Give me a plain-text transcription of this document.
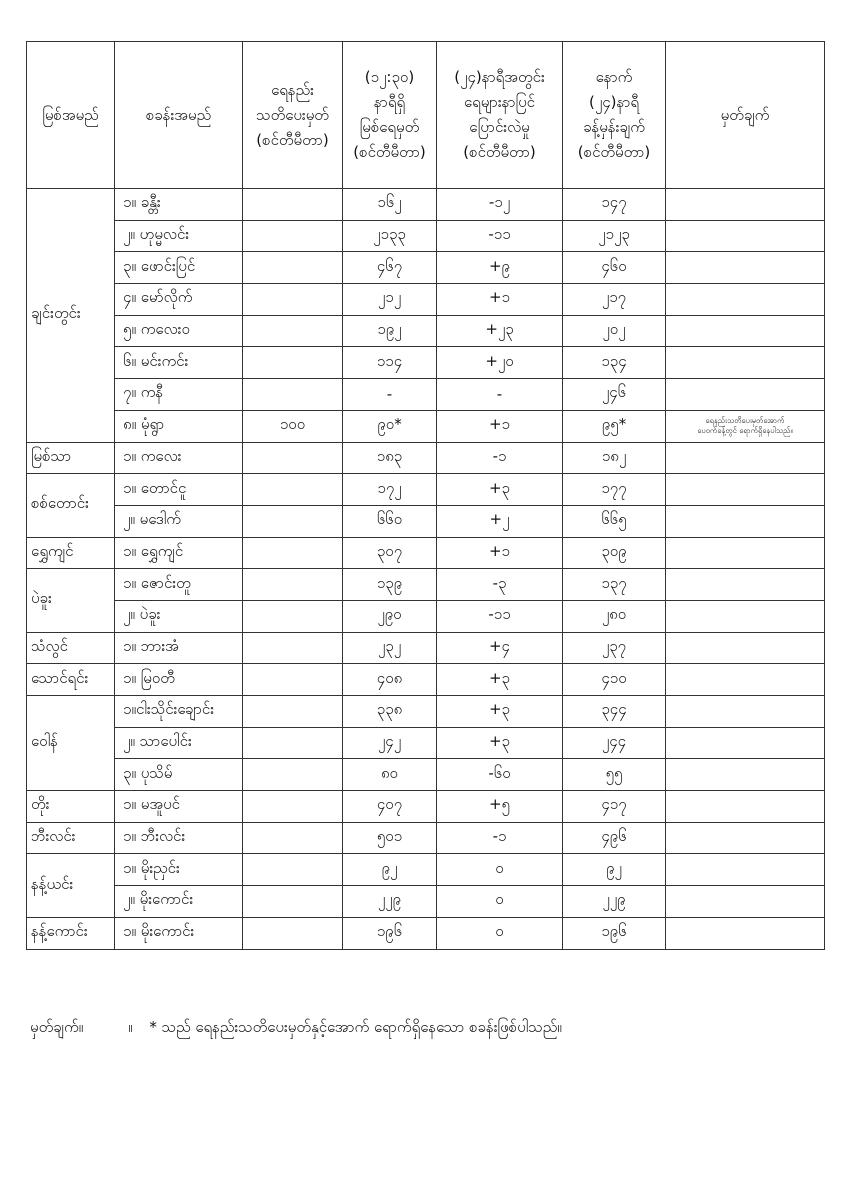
မြစ်အမည်	စခန်းအမည်	ရေနည်း
သတိပေးမှတ်
(စင်တီမီတာ)	(၁၂:၃၀)
နာရီရှိ
မြစ်ရေမှတ်
(စင်တီမီတာ)	(၂၄)နာရီအတွင်း
ရေများနာပြင်
ပြောင်းလဲမှု
(စင်တီမီတာ)	နောက်
(၂၄)နာရီ
ခန့်မှန်းချက်
(စင်တီမီတာ)	မှတ်ချက်
ချင်းတွင်း	၁။ ခန္တီး		၁၆၂	-၁၂	၁၄၇	
	၂။ ဟုမ္မလင်း		၂၁၃၃	-၁၁	၂၁၂၃	
	၃။ ဖောင်းပြင်		၄၆၇	+၉	၄၆၀	
	၄။ မော်လိုက်		၂၁၂	+၁	၂၁၇	
	၅။ ကလေးဝ		၁၉၂	+၂၃	၂၀၂	
	၆။ မင်းကင်း		၁၁၄	+၂၀	၁၃၄	
	၇။ ကနီ		-	-	၂၄၆	
	၈။ မုံရွာ	၁၀၀	၉၀*	+၁	၉၅*	ရေနည်းသတိပေးမှတ်အောက်
ပေ၀က်ခန့်တွင် ရောက်ရှိနေပါသည်။
မြစ်သာ	၁။ ကလေး		၁၈၃	-၁	၁၈၂	
စစ်တောင်း	၁။ တောင်ငူ		၁၇၂	+၃	၁၇၇	
	၂။ မဒေါက်		၆၆၀	+၂	၆၆၅	
ရွှေကျင်	၁။ ရွှေကျင်		၃၀၇	+၁	၃၀၉	
ပဲခူး	၁။ ဇောင်းတူ		၁၃၉	-၃	၁၃၇	
	၂။ ပဲခူး		၂၉၀	-၁၁	၂၈၀	
သံလွင်	၁။ ဘားအံ		၂၃၂	+၄	၂၃၇	
သောင်ရင်း	၁။ မြဝတီ		၄၀၈	+၃	၄၁၀	
ဝေါန်	၁။ငါးသိုင်းချောင်း		၃၃၈	+၃	၃၄၄	
	၂။ သာပေါင်း		၂၄၂	+၃	၂၄၄	
	၃။ ပုသိမ်		၈၀	-၆၀	၅၅	
တိုး	၁။ မအူပင်		၄၀၇	+၅	၄၁၇	
ဘီးလင်း	၁။ ဘီးလင်း		၅၀၁	-၁	၄၉၆	
နန့်ယင်း	၁။ မိုးညှင်း		၉၂	၀	၉၂	
	၂။ မိုးကောင်း		၂၂၉	၀	၂၂၉	
နန့်ကောင်း	၁။ မိုးကောင်း		၁၉၆	၀	၁၉၆	
မှတ်ချက်။	။ * သည် ရေနည်းသတိပေးမှတ်နှင့်အောက် ရောက်ရှိနေသော စခန်းဖြစ်ပါသည်။
